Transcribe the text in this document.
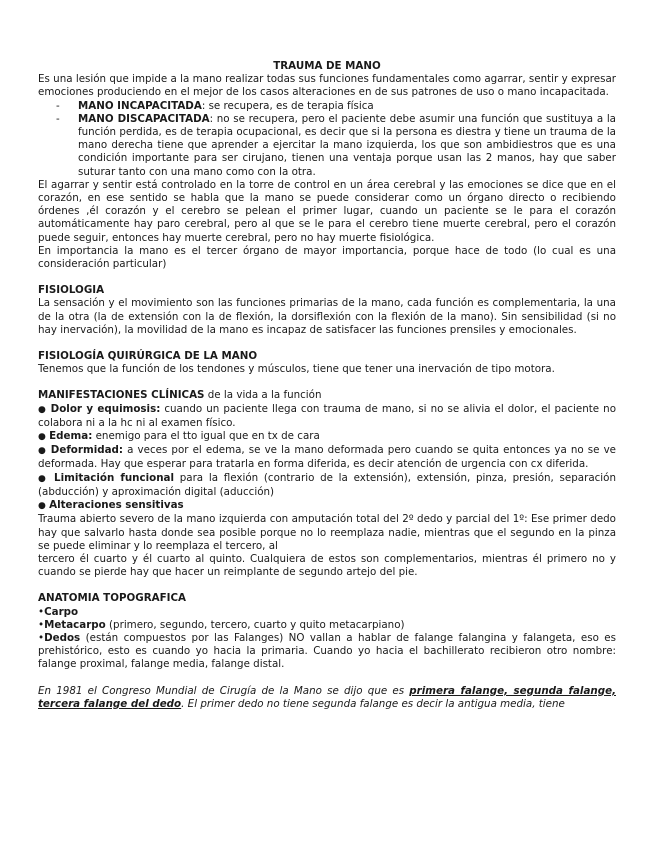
TRAUMA DE MANO

Es una lesión que impide a la mano realizar todas sus funciones fundamentales como agarrar, sentir y expresar emociones produciendo en el mejor de los casos alteraciones en de sus patrones de uso o mano incapacitada.

-	MANO INCAPACITADA: se recupera, es de terapia física

-	MANO DISCAPACITADA: no se recupera, pero el paciente debe asumir una función que sustituya a la función perdida, es de terapia ocupacional, es decir que si la persona es diestra y tiene un trauma de la mano derecha tiene que aprender a ejercitar la mano izquierda, los que son ambidiestros que es una condición importante para ser cirujano, tienen una ventaja porque usan las 2 manos, hay que saber suturar tanto con una mano como con la otra.

El agarrar y sentir está controlado en la torre de control en un área cerebral y las emociones se dice que en el corazón, en ese sentido se habla que la mano se puede considerar como un órgano directo o recibiendo órdenes ,él corazón y el cerebro se pelean el primer lugar, cuando un paciente se le para el corazón automáticamente hay paro cerebral, pero al que se le para el cerebro tiene muerte cerebral, pero el corazón puede seguir, entonces hay muerte cerebral, pero no hay muerte fisiológica.

En importancia la mano es el tercer órgano de mayor importancia, porque hace de todo (lo cual es una consideración particular)

FISIOLOGIA

La sensación y el movimiento son las funciones primarias de la mano, cada función es complementaria, la una de la otra (la de extensión con la de flexión, la dorsiflexión con la flexión de la mano). Sin sensibilidad (si no hay inervación), la movilidad de la mano es incapaz de satisfacer las funciones prensiles y emocionales.

FISIOLOGÍA QUIRÚRGICA DE LA MANO

Tenemos que la función de los tendones y músculos, tiene que tener una inervación de tipo motora.

MANIFESTACIONES CLÍNICAS de la vida a la función

● Dolor y equimosis: cuando un paciente llega con trauma de mano, si no se alivia el dolor, el paciente no colabora ni a la hc ni al examen físico.

● Edema: enemigo para el tto igual que en tx de cara

● Deformidad: a veces por el edema, se ve la mano deformada pero cuando se quita entonces ya no se ve deformada. Hay que esperar para tratarla en forma diferida, es decir atención de urgencia con cx diferida.

● Limitación funcional para la flexión (contrario de la extensión), extensión, pinza, presión, separación (abducción) y aproximación digital (aducción)

● Alteraciones sensitivas

Trauma abierto severo de la mano izquierda con amputación total del 2º dedo y parcial del 1º: Ese primer dedo hay que salvarlo hasta donde sea posible porque no lo reemplaza nadie, mientras que el segundo en la pinza se puede eliminar y lo reemplaza el tercero, al

tercero él cuarto y él cuarto al quinto. Cualquiera de estos son complementarios, mientras él primero no y cuando se pierde hay que hacer un reimplante de segundo artejo del pie.

ANATOMIA TOPOGRAFICA

•Carpo

•Metacarpo (primero, segundo, tercero, cuarto y quito metacarpiano)

•Dedos (están compuestos por las Falanges) NO vallan a hablar de falange falangina y falangeta, eso es prehistórico, esto es cuando yo hacia la primaria. Cuando yo hacia el bachillerato recibieron otro nombre: falange proximal, falange media, falange distal.

En 1981 el Congreso Mundial de Cirugía de la Mano se dijo que es primera falange, segunda falange, tercera falange del dedo. El primer dedo no tiene segunda falange es decir la antigua media, tiene
